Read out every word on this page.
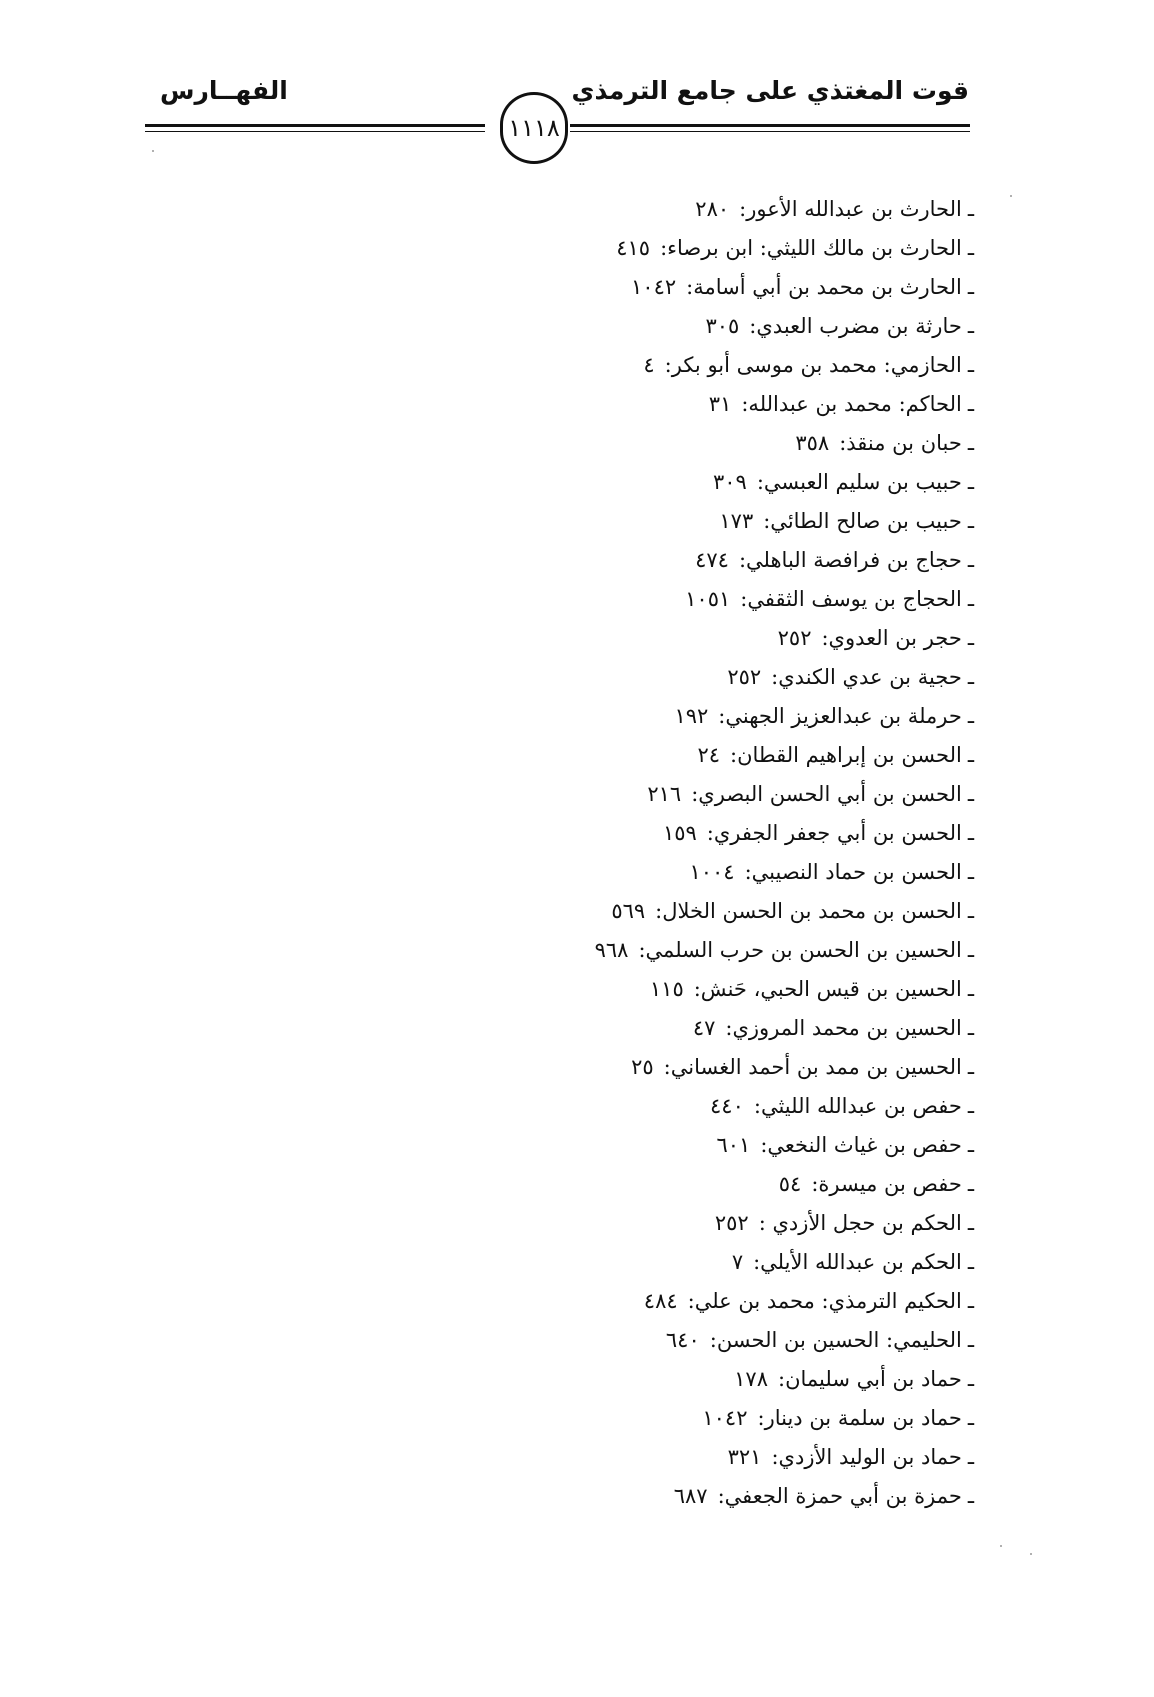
قوت المغتذي على جامع الترمذي
الفهــارس
١١١٨
ـالحارث بن عبدالله الأعور:٢٨٠
ـالحارث بن مالك الليثي: ابن برصاء:٤١٥
ـالحارث بن محمد بن أبي أسامة:١٠٤٢
ـحارثة بن مضرب العبدي:٣٠٥
ـالحازمي: محمد بن موسى أبو بكر:٤
ـالحاكم: محمد بن عبدالله:٣١
ـحبان بن منقذ:٣٥٨
ـحبيب بن سليم العبسي:٣٠٩
ـحبيب بن صالح الطائي:١٧٣
ـحجاج بن فرافصة الباهلي:٤٧٤
ـالحجاج بن يوسف الثقفي:١٠٥١
ـحجر بن العدوي:٢٥٢
ـحجية بن عدي الكندي:٢٥٢
ـحرملة بن عبدالعزيز الجهني:١٩٢
ـالحسن بن إبراهيم القطان:٢٤
ـالحسن بن أبي الحسن البصري:٢١٦
ـالحسن بن أبي جعفر الجفري:١٥٩
ـالحسن بن حماد النصيبي:١٠٠٤
ـالحسن بن محمد بن الحسن الخلال:٥٦٩
ـالحسين بن الحسن بن حرب السلمي:٩٦٨
ـالحسين بن قيس الحبي، حَنش:١١٥
ـالحسين بن محمد المروزي:٤٧
ـالحسين بن ممد بن أحمد الغساني:٢٥
ـحفص بن عبدالله الليثي:٤٤٠
ـحفص بن غياث النخعي:٦٠١
ـحفص بن ميسرة:٥٤
ـالحكم بن حجل الأزدي :٢٥٢
ـالحكم بن عبدالله الأيلي:٧
ـالحكيم الترمذي: محمد بن علي:٤٨٤
ـالحليمي: الحسين بن الحسن:٦٤٠
ـحماد بن أبي سليمان:١٧٨
ـحماد بن سلمة بن دينار:١٠٤٢
ـحماد بن الوليد الأزدي:٣٢١
ـحمزة بن أبي حمزة الجعفي:٦٨٧
